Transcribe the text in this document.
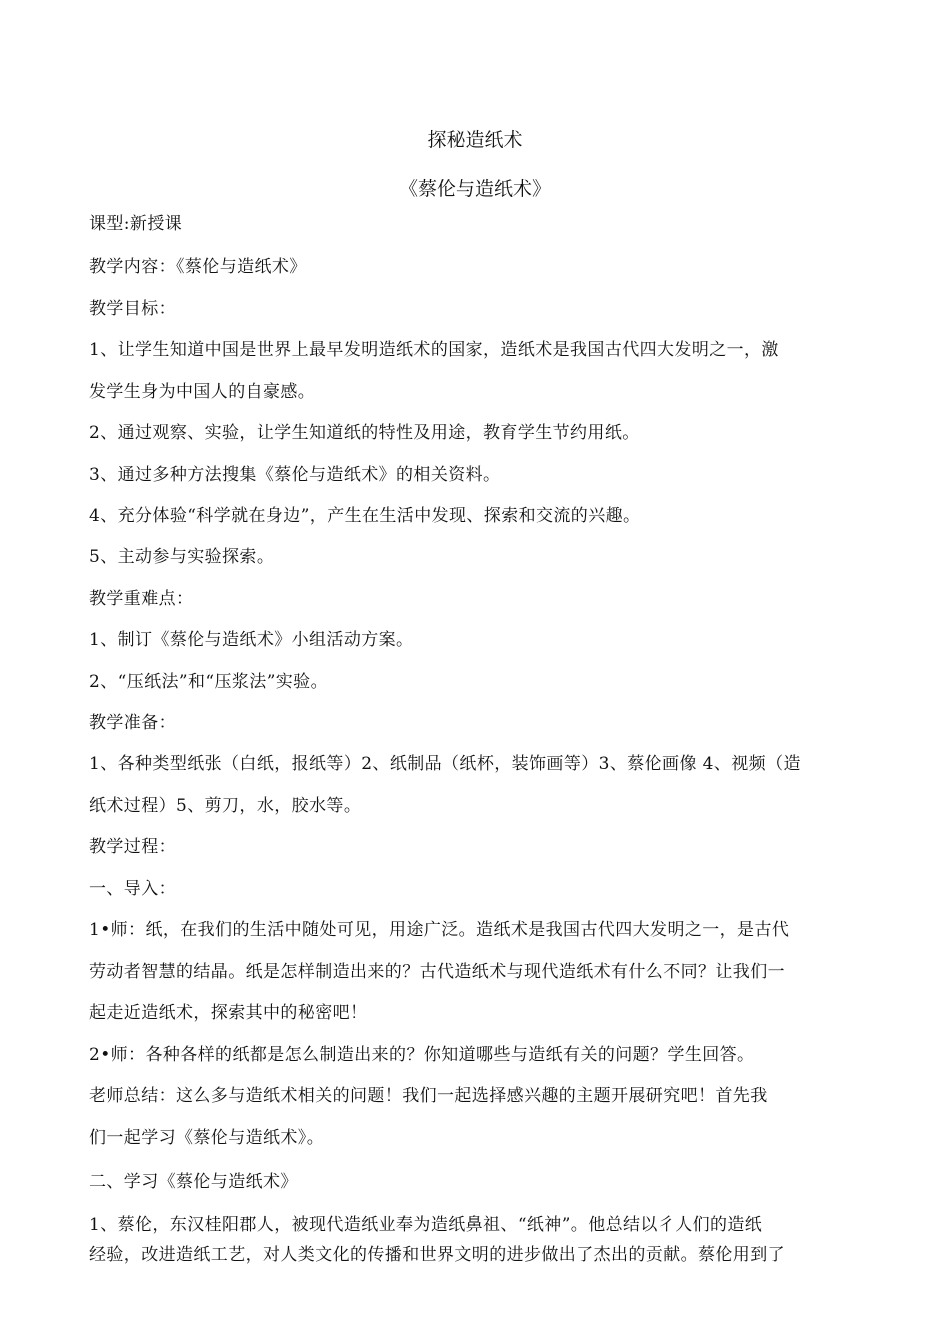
探秘造纸术
《蔡伦与造纸术》
课型:新授课
教学内容：《蔡伦与造纸术》
教学目标：
1、让学生知道中国是世界上最早发明造纸术的国家，造纸术是我国古代四大发明之一，激
发学生身为中国人的自豪感。
2、通过观察、实验，让学生知道纸的特性及用途，教育学生节约用纸。
3、通过多种方法搜集《蔡伦与造纸术》的相关资料。
4、充分体验“科学就在身边”，产生在生活中发现、探索和交流的兴趣。
5、主动参与实验探索。
教学重难点：
1、制订《蔡伦与造纸术》小组活动方案。
2、“压纸法”和“压浆法”实验。
教学准备：
1、各种类型纸张（白纸，报纸等）2、纸制品（纸杯，装饰画等）3、蔡伦画像 4、视频（造
纸术过程）5、剪刀，水，胶水等。
教学过程：
一、导入：
1•师：纸，在我们的生活中随处可见，用途广泛。造纸术是我国古代四大发明之一，是古代
劳动者智慧的结晶。纸是怎样制造出来的？古代造纸术与现代造纸术有什么不同？让我们一
起走近造纸术，探索其中的秘密吧！
2•师：各种各样的纸都是怎么制造出来的？你知道哪些与造纸有关的问题？学生回答。
老师总结：这么多与造纸术相关的问题！我们一起选择感兴趣的主题开展研究吧！首先我
们一起学习《蔡伦与造纸术》。
二、学习《蔡伦与造纸术》
1、蔡伦，东汉桂阳郡人，被现代造纸业奉为造纸鼻祖、“纸神”。他总结以彳人们的造纸
经验，改进造纸工艺，对人类文化的传播和世界文明的进步做出了杰出的贡献。蔡伦用到了
